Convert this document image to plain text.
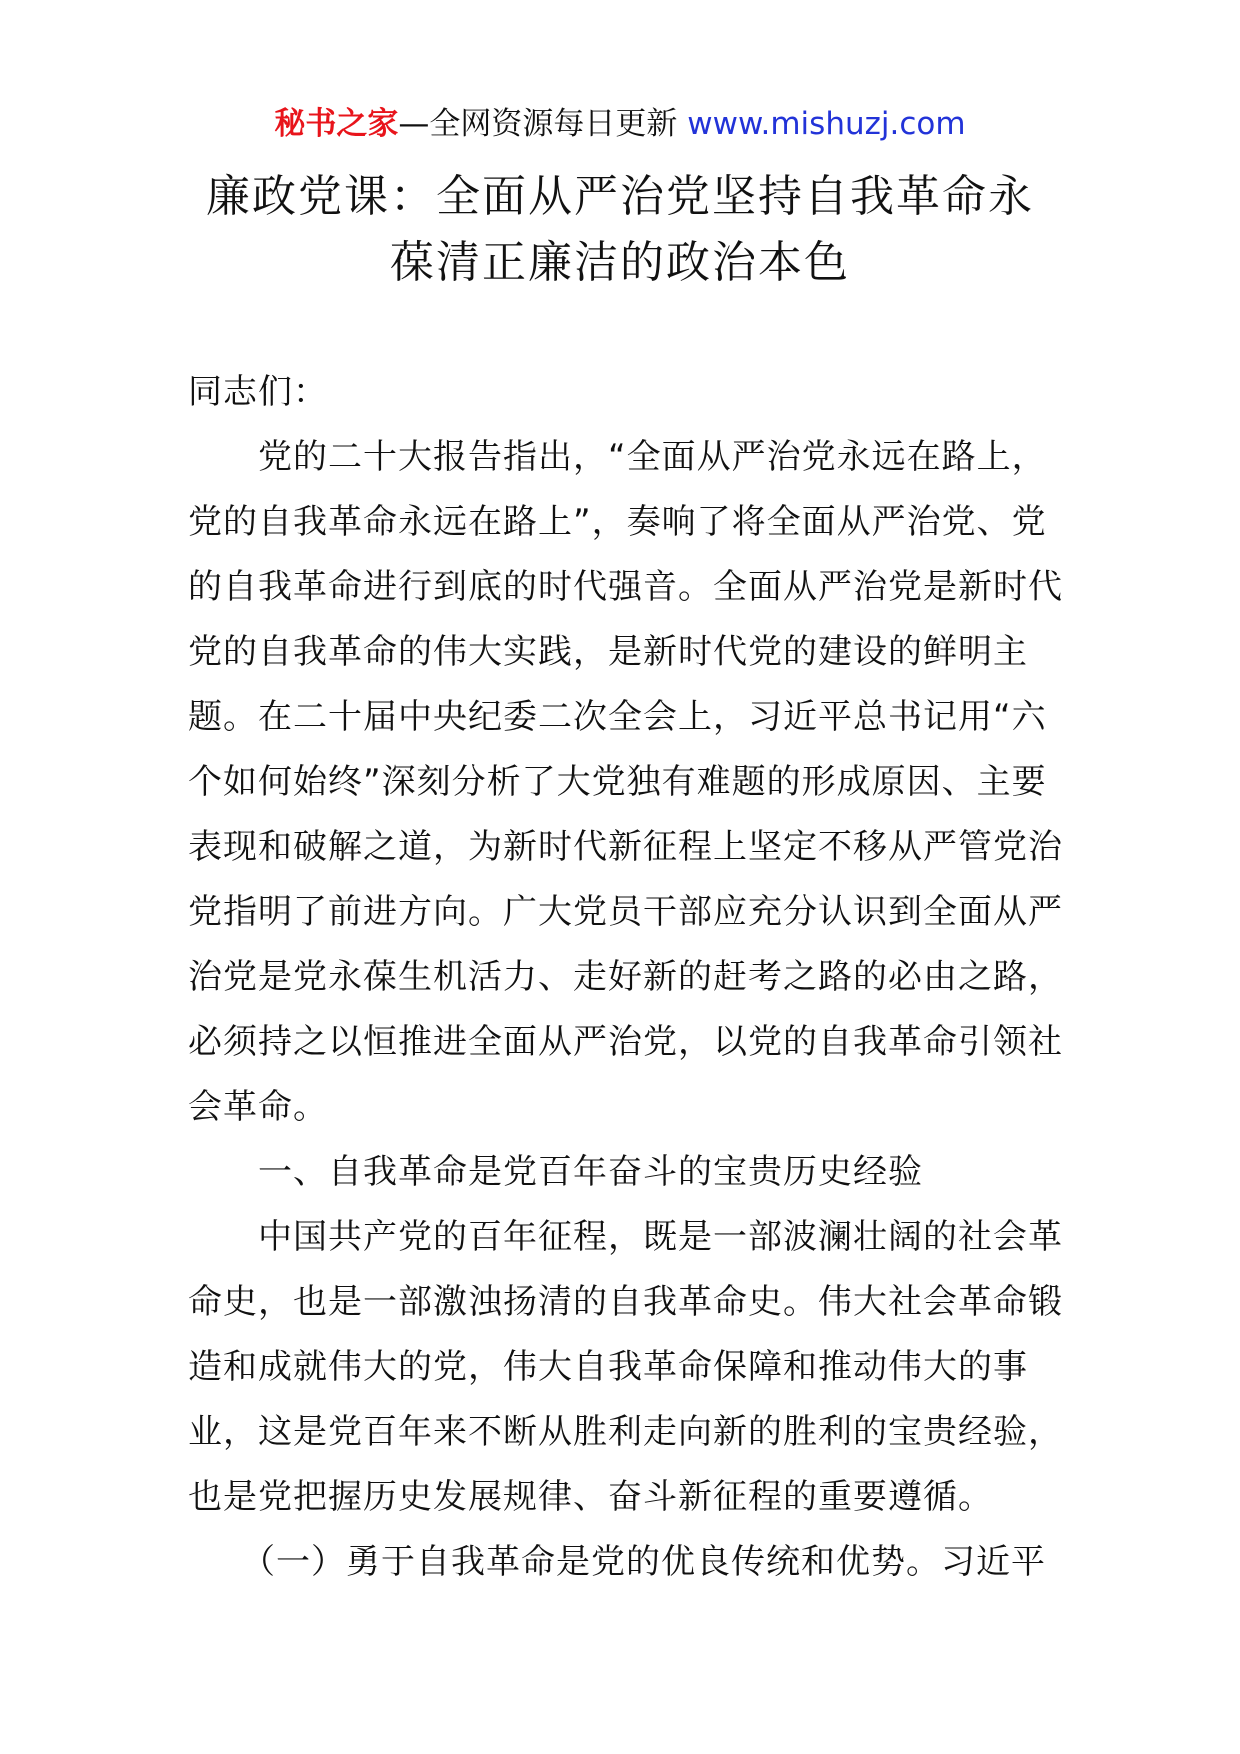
秘书之家—全网资源每日更新 www.mishuzj.com
廉政党课：全面从严治党坚持自我革命永
葆清正廉洁的政治本色
同志们：
　　党的二十大报告指出，“全面从严治党永远在路上，
党的自我革命永远在路上”，奏响了将全面从严治党、党
的自我革命进行到底的时代强音。全面从严治党是新时代
党的自我革命的伟大实践，是新时代党的建设的鲜明主
题。在二十届中央纪委二次全会上，习近平总书记用“六
个如何始终”深刻分析了大党独有难题的形成原因、主要
表现和破解之道，为新时代新征程上坚定不移从严管党治
党指明了前进方向。广大党员干部应充分认识到全面从严
治党是党永葆生机活力、走好新的赶考之路的必由之路，
必须持之以恒推进全面从严治党，以党的自我革命引领社
会革命。
　　一、自我革命是党百年奋斗的宝贵历史经验
　　中国共产党的百年征程，既是一部波澜壮阔的社会革
命史，也是一部激浊扬清的自我革命史。伟大社会革命锻
造和成就伟大的党，伟大自我革命保障和推动伟大的事
业，这是党百年来不断从胜利走向新的胜利的宝贵经验，
也是党把握历史发展规律、奋斗新征程的重要遵循。
　　（一）勇于自我革命是党的优良传统和优势。习近平
